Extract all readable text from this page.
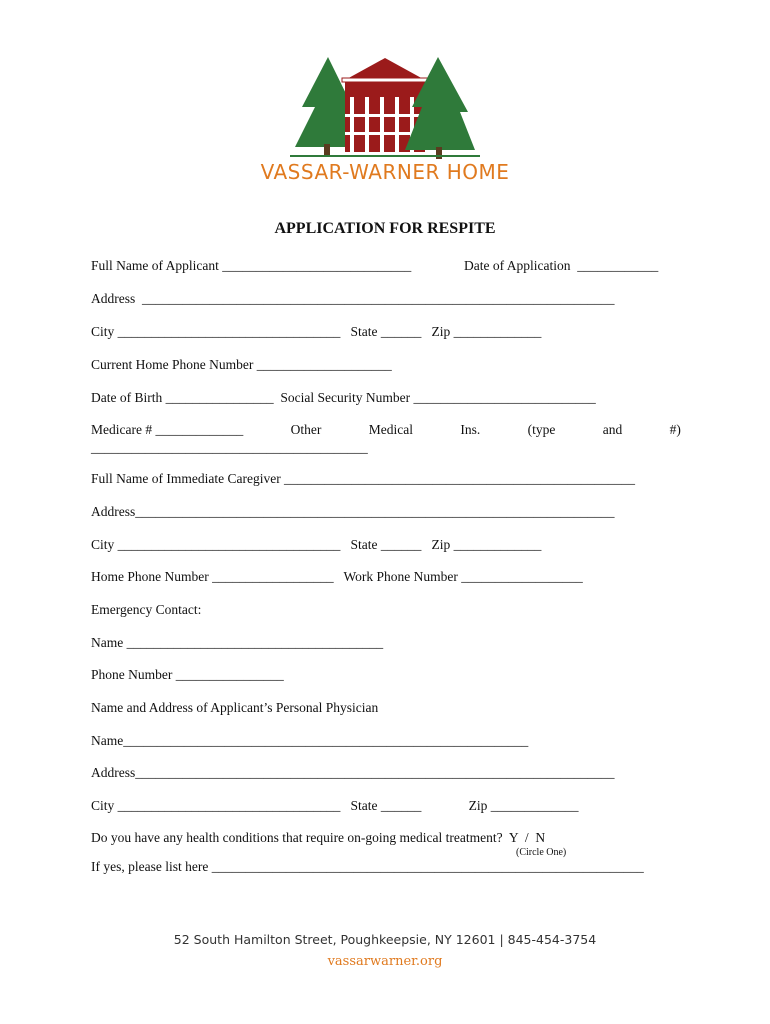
VASSAR-WARNER HOME
APPLICATION FOR RESPITE
Full Name of Applicant ____________________________	Date of Application  ____________
Address  ______________________________________________________________________
City _________________________________   State ______   Zip _____________
Current Home Phone Number ____________________
Date of Birth ________________  Social Security Number ___________________________
Medicare # _____________	Other	Medical	Ins.	(type	and	#)
_________________________________________
Full Name of Immediate Caregiver ____________________________________________________
Address_______________________________________________________________________
City _________________________________   State ______   Zip _____________
Home Phone Number __________________   Work Phone Number __________________
Emergency Contact:
Name ______________________________________
Phone Number ________________
Name and Address of Applicant’s Personal Physician
Name____________________________________________________________
Address_______________________________________________________________________
City _________________________________   State ______              Zip _____________
Do you have any health conditions that require on-going medical treatment?  Y  /  N
(Circle One)
If yes, please list here ________________________________________________________________
52 South Hamilton Street, Poughkeepsie, NY 12601 | 845-454-3754
vassarwarner.org
